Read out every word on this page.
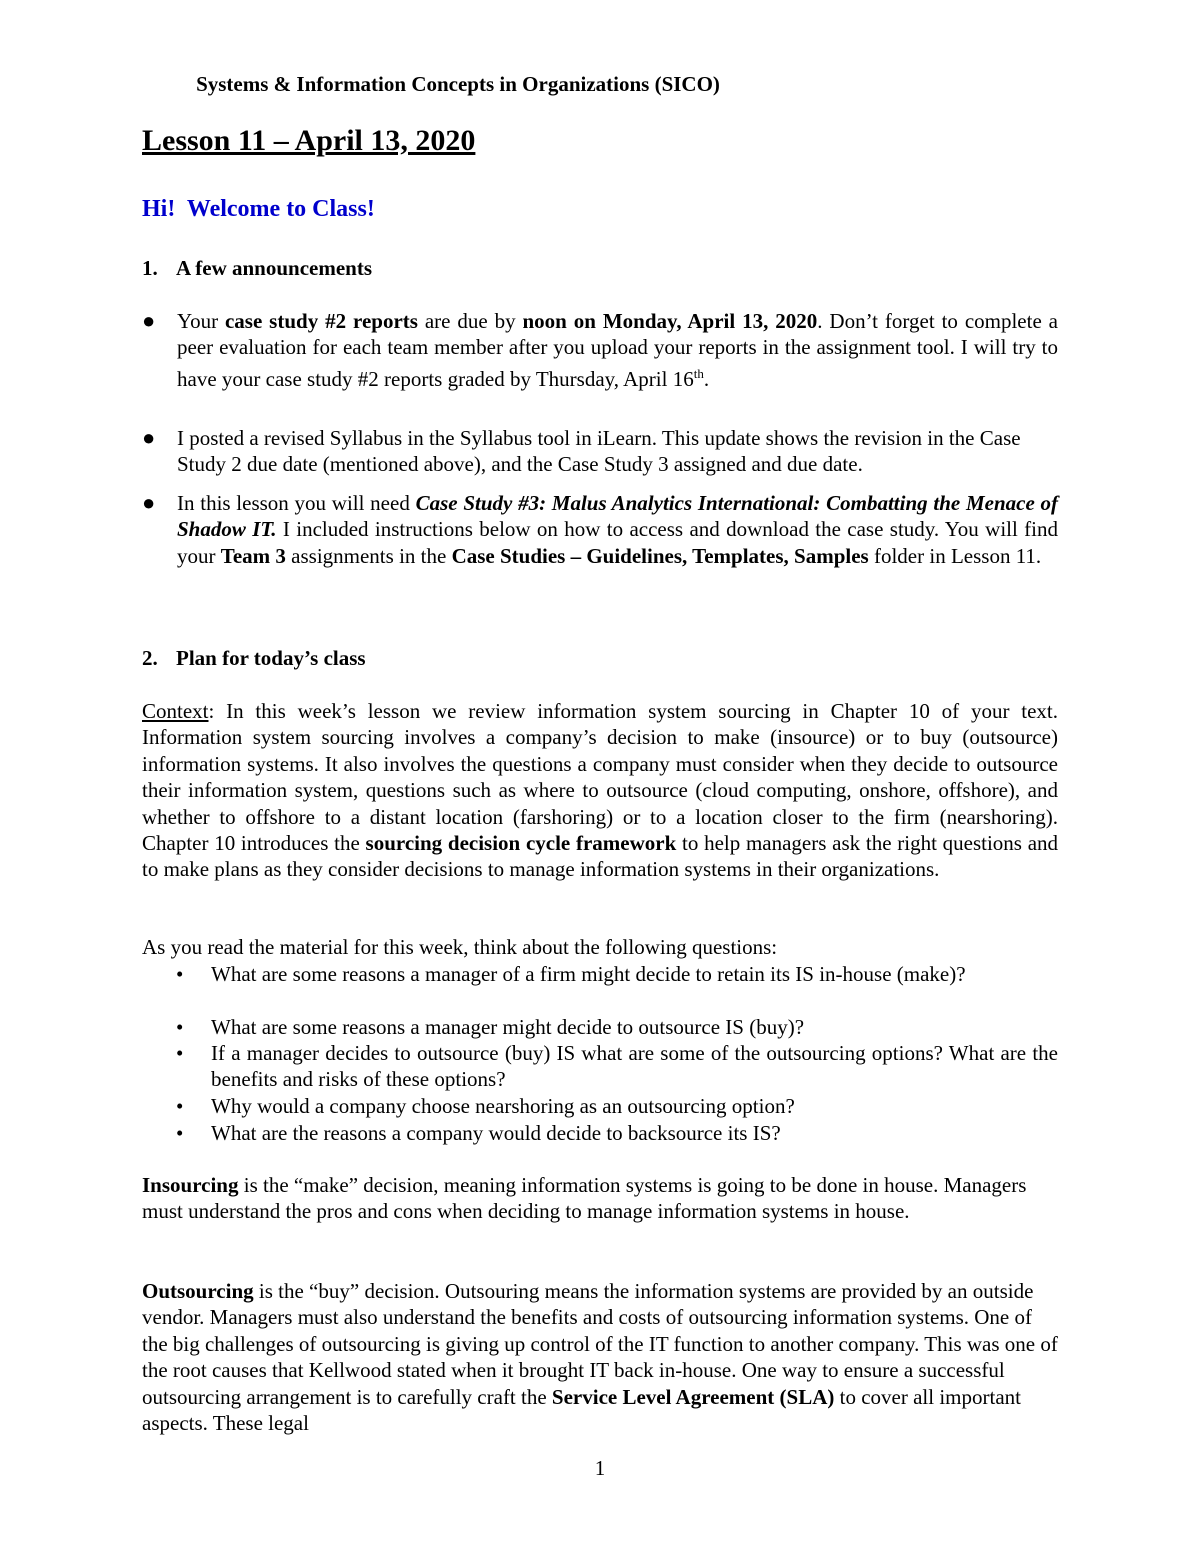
Systems & Information Concepts in Organizations (SICO)
Lesson 11 – April 13, 2020
Hi!  Welcome to Class!
1. A few announcements
● Your case study #2 reports are due by noon on Monday, April 13, 2020. Don’t forget to complete a peer evaluation for each team member after you upload your reports in the assignment tool. I will try to have your case study #2 reports graded by Thursday, April 16th.
● I posted a revised Syllabus in the Syllabus tool in iLearn. This update shows the revision in the Case Study 2 due date (mentioned above), and the Case Study 3 assigned and due date.
● In this lesson you will need Case Study #3: Malus Analytics International: Combatting the Menace of Shadow IT. I included instructions below on how to access and download the case study. You will find your Team 3 assignments in the Case Studies – Guidelines, Templates, Samples folder in Lesson 11.
2. Plan for today’s class
Context: In this week’s lesson we review information system sourcing in Chapter 10 of your text. Information system sourcing involves a company’s decision to make (insource) or to buy (outsource) information systems. It also involves the questions a company must consider when they decide to outsource their information system, questions such as where to outsource (cloud computing, onshore, offshore), and whether to offshore to a distant location (farshoring) or to a location closer to the firm (nearshoring). Chapter 10 introduces the sourcing decision cycle framework to help managers ask the right questions and to make plans as they consider decisions to manage information systems in their organizations.
As you read the material for this week, think about the following questions:
• What are some reasons a manager of a firm might decide to retain its IS in-house (make)?
• What are some reasons a manager might decide to outsource IS (buy)?
• If a manager decides to outsource (buy) IS what are some of the outsourcing options? What are the benefits and risks of these options?
• Why would a company choose nearshoring as an outsourcing option?
• What are the reasons a company would decide to backsource its IS?
Insourcing is the “make” decision, meaning information systems is going to be done in house. Managers must understand the pros and cons when deciding to manage information systems in house.
Outsourcing is the “buy” decision. Outsouring means the information systems are provided by an outside vendor. Managers must also understand the benefits and costs of outsourcing information systems. One of the big challenges of outsourcing is giving up control of the IT function to another company. This was one of the root causes that Kellwood stated when it brought IT back in-house. One way to ensure a successful outsourcing arrangement is to carefully craft the Service Level Agreement (SLA) to cover all important aspects. These legal
1
